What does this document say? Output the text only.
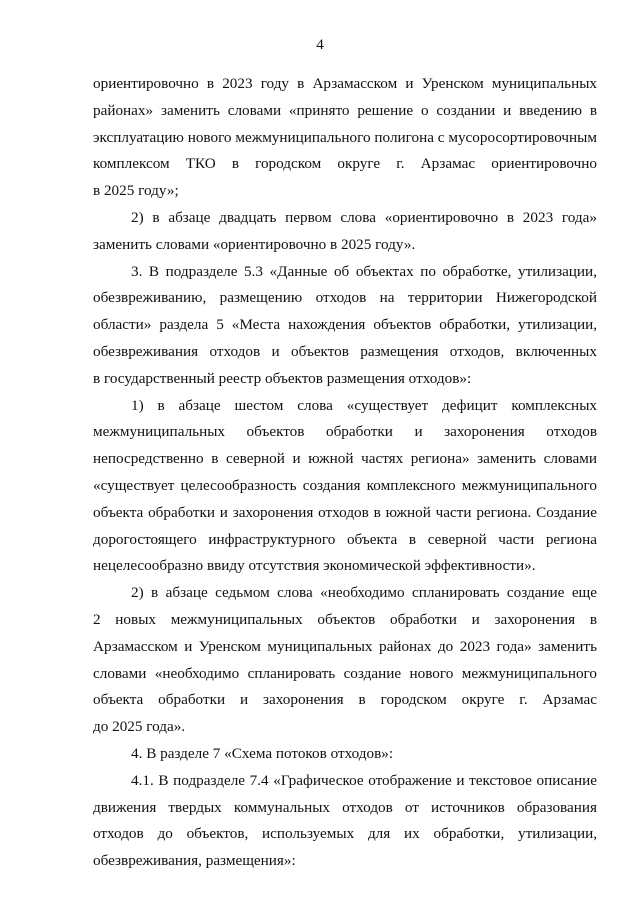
4
ориентировочно в 2023 году в Арзамасском и Уренском муниципальных
районах» заменить словами «принято решение о создании и введению в
эксплуатацию нового межмуниципального полигона с мусоросортировочным
комплексом ТКО в городском округе г. Арзамас ориентировочно
в 2025 году»;
2) в абзаце двадцать первом слова «ориентировочно в 2023 года»
заменить словами «ориентировочно в 2025 году».
3. В подразделе 5.3 «Данные об объектах по обработке, утилизации,
обезвреживанию, размещению отходов на территории Нижегородской
области» раздела 5 «Места нахождения объектов обработки, утилизации,
обезвреживания отходов и объектов размещения отходов, включенных
в государственный реестр объектов размещения отходов»:
1) в абзаце шестом слова «существует дефицит комплексных
межмуниципальных объектов обработки и захоронения отходов
непосредственно в северной и южной частях региона» заменить словами
«существует целесообразность создания комплексного межмуниципального
объекта обработки и захоронения отходов в южной части региона. Создание
дорогостоящего инфраструктурного объекта в северной части региона
нецелесообразно ввиду отсутствия экономической эффективности».
2) в абзаце седьмом слова «необходимо спланировать создание еще
2 новых межмуниципальных объектов обработки и захоронения в
Арзамасском и Уренском муниципальных районах до 2023 года» заменить
словами «необходимо спланировать создание нового межмуниципального
объекта обработки и захоронения в городском округе г. Арзамас
до 2025 года».
4. В разделе 7 «Схема потоков отходов»:
4.1. В подразделе 7.4 «Графическое отображение и текстовое описание
движения твердых коммунальных отходов от источников образования
отходов до объектов, используемых для их обработки, утилизации,
обезвреживания, размещения»:
